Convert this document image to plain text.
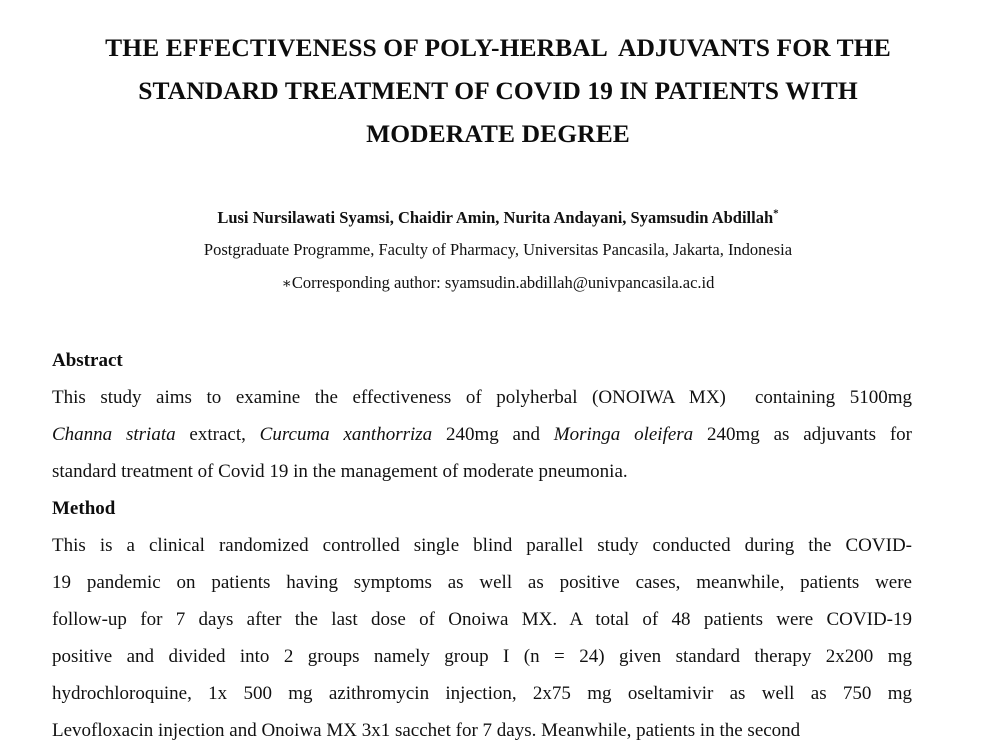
THE EFFECTIVENESS OF POLY-HERBAL  ADJUVANTS FOR THE
STANDARD TREATMENT OF COVID 19 IN PATIENTS WITH
MODERATE DEGREE
Lusi Nursilawati Syamsi, Chaidir Amin, Nurita Andayani, Syamsudin Abdillah*
Postgraduate Programme, Faculty of Pharmacy, Universitas Pancasila, Jakarta, Indonesia
∗Corresponding author: syamsudin.abdillah@univpancasila.ac.id
Abstract
This study aims to examine the effectiveness of polyherbal (ONOIWA MX)  containing 5100mg
Channa striata extract, Curcuma xanthorriza 240mg and Moringa oleifera 240mg as adjuvants for
standard treatment of Covid 19 in the management of moderate pneumonia.
Method
This is a clinical randomized controlled single blind parallel study conducted during the COVID-
19 pandemic on patients having symptoms as well as positive cases, meanwhile, patients were
follow-up for 7 days after the last dose of Onoiwa MX. A total of 48 patients were COVID-19
positive and divided into 2 groups namely group I (n = 24) given standard therapy 2x200 mg
hydrochloroquine, 1x 500 mg azithromycin injection, 2x75 mg oseltamivir as well as 750 mg
Levofloxacin injection and Onoiwa MX 3x1 sacchet for 7 days. Meanwhile, patients in the second
